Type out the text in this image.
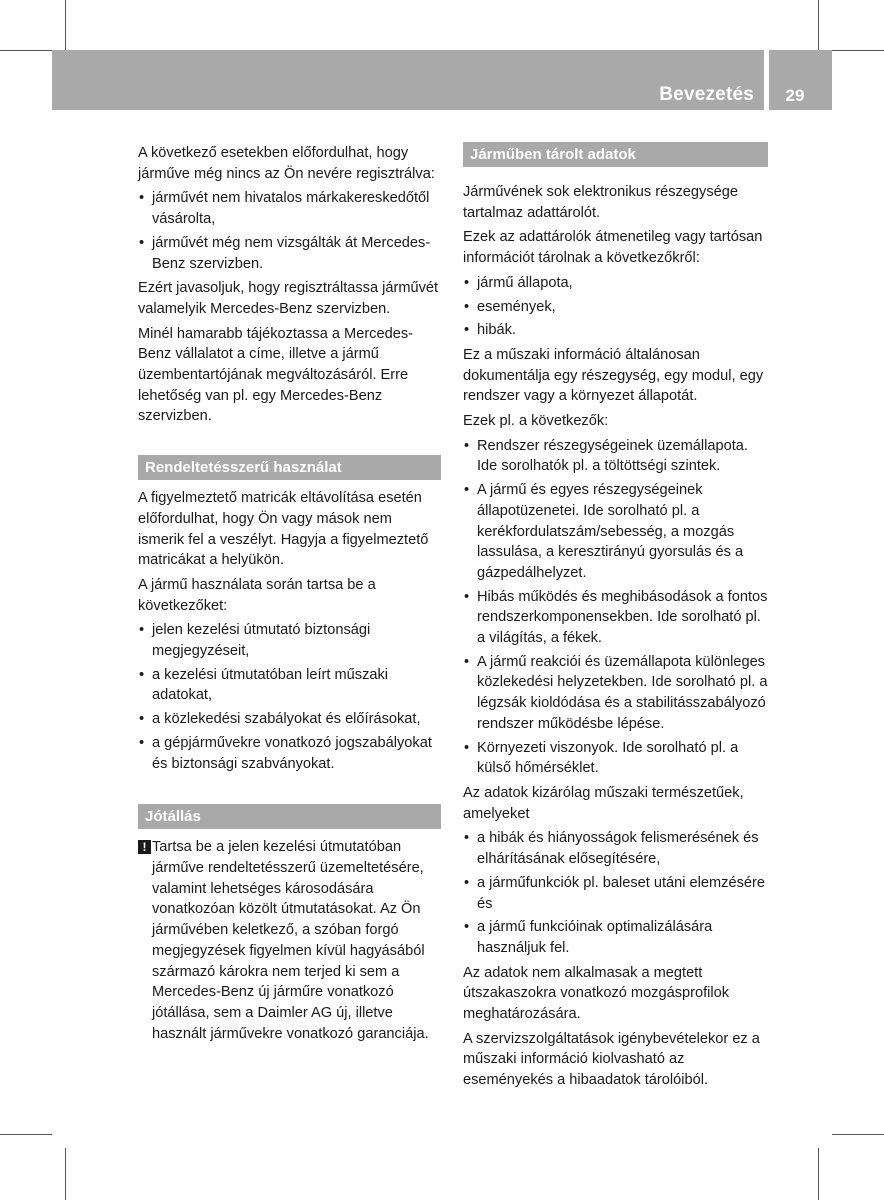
Bevezetés	29

A következő esetekben előfordulhat, hogy járműve még nincs az Ön nevére regisztrálva:

• járművét nem hivatalos márkakereskedőtől vásárolta,
• járművét még nem vizsgálták át Mercedes-Benz szervizben.

Ezért javasoljuk, hogy regisztráltassa járművét valamelyik Mercedes-Benz szervizben.

Minél hamarabb tájékoztassa a Mercedes-Benz vállalatot a címe, illetve a jármű üzembentartójának megváltozásáról. Erre lehetőség van pl. egy Mercedes-Benz szervizben.

Rendeltetésszerű használat

A figyelmeztető matricák eltávolítása esetén előfordulhat, hogy Ön vagy mások nem ismerik fel a veszélyt. Hagyja a figyelmeztető matricákat a helyükön.

A jármű használata során tartsa be a következőket:

• jelen kezelési útmutató biztonsági megjegyzéseit,
• a kezelési útmutatóban leírt műszaki adatokat,
• a közlekedési szabályokat és előírásokat,
• a gépjárművekre vonatkozó jogszabályokat és biztonsági szabványokat.
Jótállás
! Tartsa be a jelen kezelési útmutatóban járműve rendeltetésszerű üzemeltetésére, valamint lehetséges károsodására vonatkozóan közölt útmutatásokat. Az Ön járművében keletkező, a szóban forgó megjegyzések figyelmen kívül hagyásából származó károkra nem terjed ki sem a Mercedes-Benz új járműre vonatkozó jótállása, sem a Daimler AG új, illetve használt járművekre vonatkozó garanciája.

Járműben tárolt adatok

Járművének sok elektronikus részegysége tartalmaz adattárolót.

Ezek az adattárolók átmenetileg vagy tartósan információt tárolnak a következőkről:

• jármű állapota,
• események,
• hibák.

Ez a műszaki információ általánosan dokumentálja egy részegység, egy modul, egy rendszer vagy a környezet állapotát.

Ezek pl. a következők:

• Rendszer részegységeinek üzemállapota. Ide sorolhatók pl. a töltöttségi szintek.
• A jármű és egyes részegységeinek állapotüzenetei. Ide sorolható pl. a kerékfordulatszám/sebesség, a mozgás lassulása, a keresztirányú gyorsulás és a gázpedálhelyzet.
• Hibás működés és meghibásodások a fontos rendszerkomponensekben. Ide sorolható pl. a világítás, a fékek.
• A jármű reakciói és üzemállapota különleges közlekedési helyzetekben. Ide sorolható pl. a légzsák kioldódása és a stabilitásszabályozó rendszer működésbe lépése.
• Környezeti viszonyok. Ide sorolható pl. a külső hőmérséklet.

Az adatok kizárólag műszaki természetűek, amelyeket

• a hibák és hiányosságok felismerésének és elhárításának elősegítésére,
• a járműfunkciók pl. baleset utáni elemzésére és
• a jármű funkcióinak optimalizálására használjuk fel.

Az adatok nem alkalmasak a megtett útszakaszokra vonatkozó mozgásprofilok meghatározására.

A szervizszolgáltatások igénybevételekor ez a műszaki információ kiolvasható az eseményekés a hibaadatok tárolóiból.
